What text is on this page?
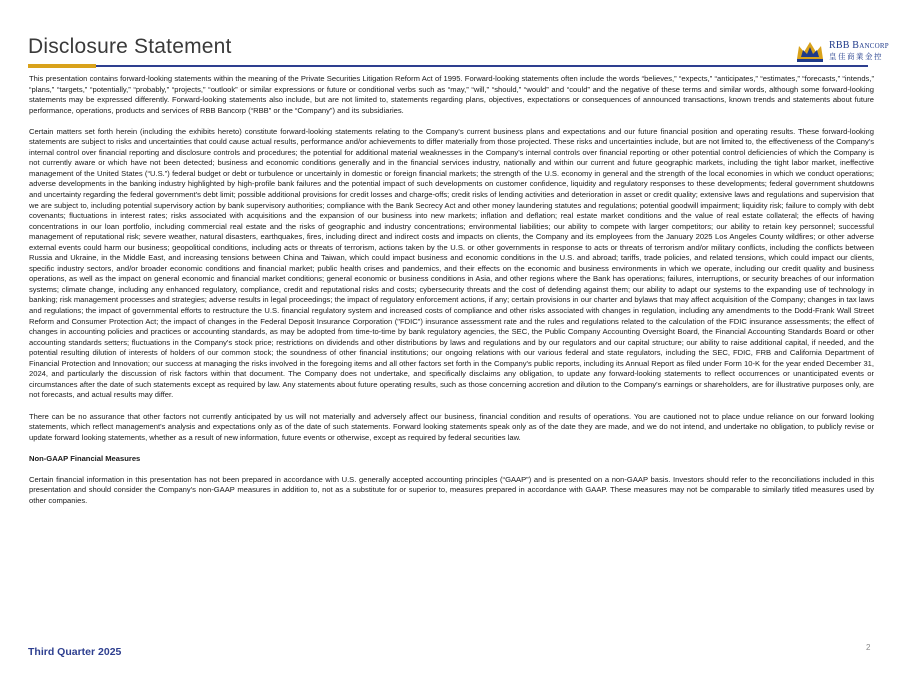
Disclosure Statement	RBB BANCORP
皇佳商業金控

This presentation contains forward-looking statements within the meaning of the Private Securities Litigation Reform Act of 1995. Forward-looking statements often include the words “believes,” “expects,” “anticipates,” “estimates,” “forecasts,” “intends,” “plans,” “targets,” “potentially,” “probably,” “projects,” “outlook” or similar expressions or future or conditional verbs such as “may,” “will,” “should,” “would” and “could” and the negative of these terms and similar words, although some forward-looking statements may be expressed differently. Forward-looking statements also include, but are not limited to, statements regarding plans, objectives, expectations or consequences of announced transactions, known trends and statements about future performance, operations, products and services of RBB Bancorp (“RBB” or the “Company”) and its subsidiaries.

Certain matters set forth herein (including the exhibits hereto) constitute forward-looking statements relating to the Company's current business plans and expectations and our future financial position and operating results. These forward-looking statements are subject to risks and uncertainties that could cause actual results, performance and/or achievements to differ materially from those projected. These risks and uncertainties include, but are not limited to, the effectiveness of the Company's internal control over financial reporting and disclosure controls and procedures; the potential for additional material weaknesses in the Company's internal controls over financial reporting or other potential control deficiencies of which the Company is not currently aware or which have not been detected; business and economic conditions generally and in the financial services industry, nationally and within our current and future geographic markets, including the tight labor market, ineffective management of the United States (“U.S.”) federal budget or debt or turbulence or uncertainly in domestic or foreign financial markets; the strength of the U.S. economy in general and the strength of the local economies in which we conduct operations; adverse developments in the banking industry highlighted by high-profile bank failures and the potential impact of such developments on customer confidence, liquidity and regulatory responses to these developments; federal government shutdowns and uncertainty regarding the federal government's debt limit; possible additional provisions for credit losses and charge-offs; credit risks of lending activities and deterioration in asset or credit quality; extensive laws and regulations and supervision that we are subject to, including potential supervisory action by bank supervisory authorities; compliance with the Bank Secrecy Act and other money laundering statutes and regulations; potential goodwill impairment; liquidity risk; failure to comply with debt covenants; fluctuations in interest rates; risks associated with acquisitions and the expansion of our business into new markets; inflation and deflation; real estate market conditions and the value of real estate collateral; the effects of having concentrations in our loan portfolio, including commercial real estate and the risks of geographic and industry concentrations; environmental liabilities; our ability to compete with larger competitors; our ability to retain key personnel; successful management of reputational risk; severe weather, natural disasters, earthquakes, fires, including direct and indirect costs and impacts on clients, the Company and its employees from the January 2025 Los Angeles County wildfires; or other adverse external events could harm our business; geopolitical conditions, including acts or threats of terrorism, actions taken by the U.S. or other governments in response to acts or threats of terrorism and/or military conflicts, including the conflicts between Russia and Ukraine, in the Middle East, and increasing tensions between China and Taiwan, which could impact business and economic conditions in the U.S. and abroad; tariffs, trade policies, and related tensions, which could impact our clients, specific industry sectors, and/or broader economic conditions and financial market; public health crises and pandemics, and their effects on the economic and business environments in which we operate, including our credit quality and business operations, as well as the impact on general economic and financial market conditions; general economic or business conditions in Asia, and other regions where the Bank has operations; failures, interruptions, or security breaches of our information systems; climate change, including any enhanced regulatory, compliance, credit and reputational risks and costs; cybersecurity threats and the cost of defending against them; our ability to adapt our systems to the expanding use of technology in banking; risk management processes and strategies; adverse results in legal proceedings; the impact of regulatory enforcement actions, if any; certain provisions in our charter and bylaws that may affect acquisition of the Company; changes in tax laws and regulations; the impact of governmental efforts to restructure the U.S. financial regulatory system and increased costs of compliance and other risks associated with changes in regulation, including any amendments to the Dodd-Frank Wall Street Reform and Consumer Protection Act; the impact of changes in the Federal Deposit Insurance Corporation ("FDIC") insurance assessment rate and the rules and regulations related to the calculation of the FDIC insurance assessments; the effect of changes in accounting policies and practices or accounting standards, as may be adopted from time-to-time by bank regulatory agencies, the SEC, the Public Company Accounting Oversight Board, the Financial Accounting Standards Board or other accounting standards setters; fluctuations in the Company's stock price; restrictions on dividends and other distributions by laws and regulations and by our regulators and our capital structure; our ability to raise additional capital, if needed, and the potential resulting dilution of interests of holders of our common stock; the soundness of other financial institutions; our ongoing relations with our various federal and state regulators, including the SEC, FDIC, FRB and California Department of Financial Protection and Innovation; our success at managing the risks involved in the foregoing items and all other factors set forth in the Company's public reports, including its Annual Report as filed under Form 10-K for the year ended December 31, 2024, and particularly the discussion of risk factors within that document. The Company does not undertake, and specifically disclaims any obligation, to update any forward-looking statements to reflect occurrences or unanticipated events or circumstances after the date of such statements except as required by law. Any statements about future operating results, such as those concerning accretion and dilution to the Company's earnings or shareholders, are for illustrative purposes only, are not forecasts, and actual results may differ.

There can be no assurance that other factors not currently anticipated by us will not materially and adversely affect our business, financial condition and results of operations. You are cautioned not to place undue reliance on our forward looking statements, which reflect management's analysis and expectations only as of the date of such statements. Forward looking statements speak only as of the date they are made, and we do not intend, and undertake no obligation, to publicly revise or update forward looking statements, whether as a result of new information, future events or otherwise, except as required by federal securities law.

Non-GAAP Financial Measures

Certain financial information in this presentation has not been prepared in accordance with U.S. generally accepted accounting principles (“GAAP”) and is presented on a non-GAAP basis. Investors should refer to the reconciliations included in this presentation and should consider the Company's non-GAAP measures in addition to, not as a substitute for or superior to, measures prepared in accordance with GAAP. These measures may not be comparable to similarly titled measures used by other companies.

Third Quarter 2025	2
